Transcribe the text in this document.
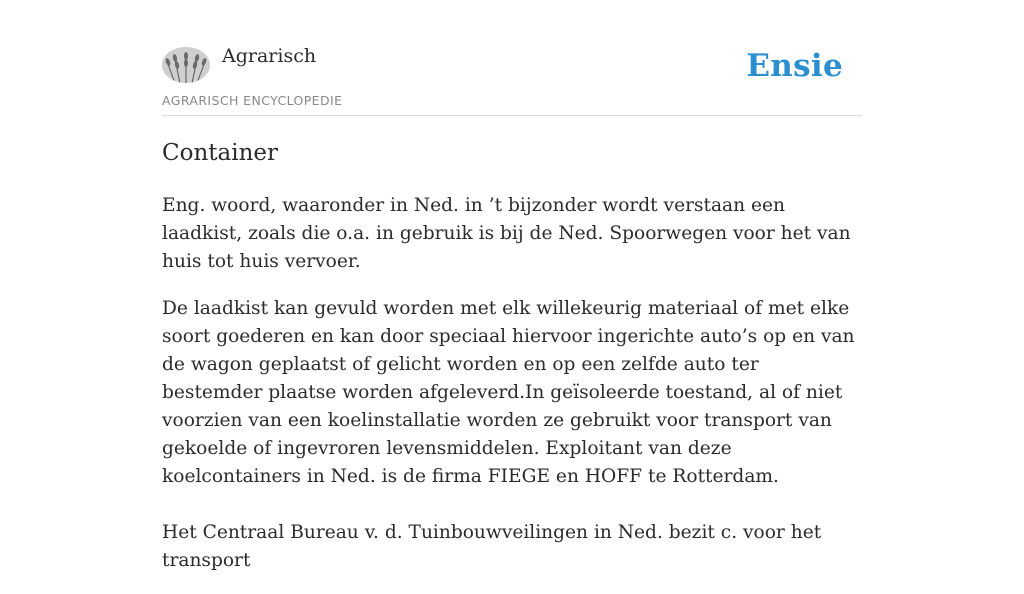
Agrarisch
AGRARISCH ENCYCLOPEDIE
Ensie
Container

Eng. woord, waaronder in Ned. in ’t bijzonder wordt verstaan een laadkist, zoals die o.a. in gebruik is bij de Ned. Spoorwegen voor het van huis tot huis vervoer.

De laadkist kan gevuld worden met elk willekeurig materiaal of met elke soort goederen en kan door speciaal hiervoor ingerichte auto’s op en van de wagon geplaatst of gelicht worden en op een zelfde auto ter bestemder plaatse worden afgeleverd.In geïsoleerde toestand, al of niet voorzien van een koelinstallatie worden ze gebruikt voor transport van gekoelde of ingevroren levensmiddelen. Exploitant van deze koelcontainers in Ned. is de firma FIEGE en HOFF te Rotterdam.

Het Centraal Bureau v. d. Tuinbouwveilingen in Ned. bezit c. voor het transport
